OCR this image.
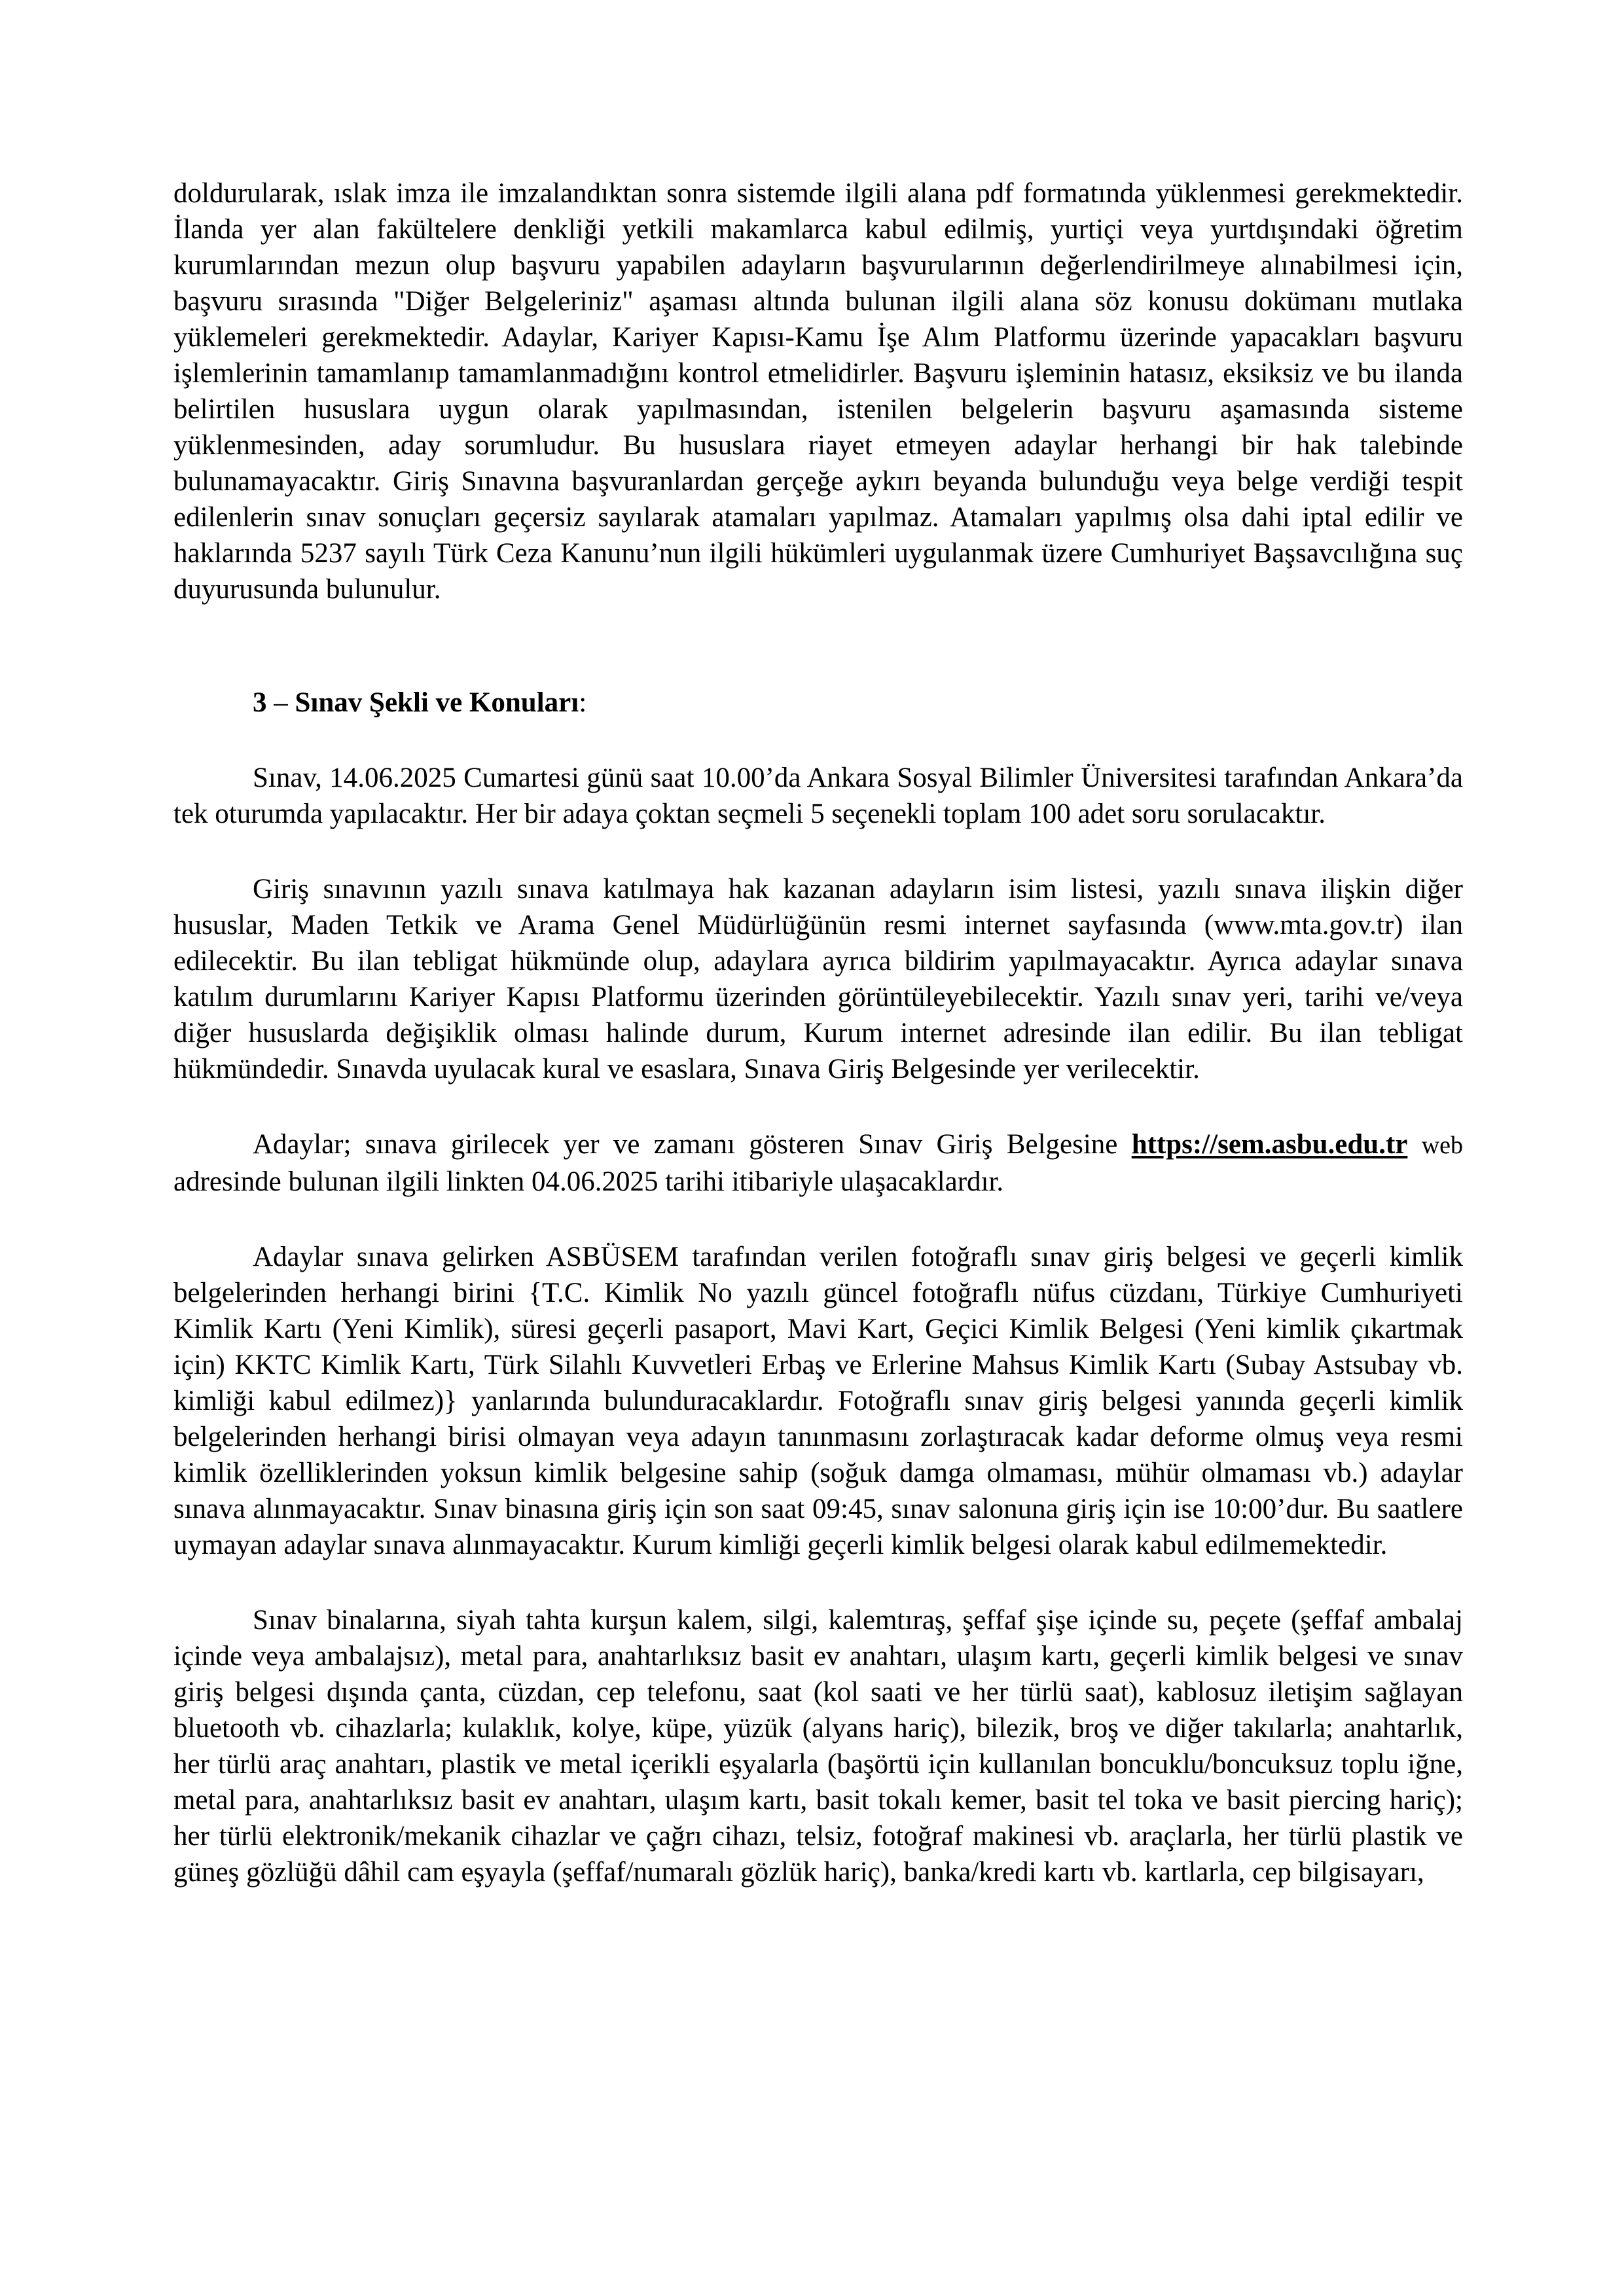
doldurularak, ıslak imza ile imzalandıktan sonra sistemde ilgili alana pdf formatında yüklenmesi gerekmektedir. İlanda yer alan fakültelere denkliği yetkili makamlarca kabul edilmiş, yurtiçi veya yurtdışındaki öğretim kurumlarından mezun olup başvuru yapabilen adayların başvurularının değerlendirilmeye alınabilmesi için, başvuru sırasında "Diğer Belgeleriniz" aşaması altında bulunan ilgili alana söz konusu dokümanı mutlaka yüklemeleri gerekmektedir. Adaylar, Kariyer Kapısı-Kamu İşe Alım Platformu üzerinde yapacakları başvuru işlemlerinin tamamlanıp tamamlanmadığını kontrol etmelidirler. Başvuru işleminin hatasız, eksiksiz ve bu ilanda belirtilen hususlara uygun olarak yapılmasından, istenilen belgelerin başvuru aşamasında sisteme yüklenmesinden, aday sorumludur. Bu hususlara riayet etmeyen adaylar herhangi bir hak talebinde bulunamayacaktır. Giriş Sınavına başvuranlardan gerçeğe aykırı beyanda bulunduğu veya belge verdiği tespit edilenlerin sınav sonuçları geçersiz sayılarak atamaları yapılmaz. Atamaları yapılmış olsa dahi iptal edilir ve haklarında 5237 sayılı Türk Ceza Kanunu’nun ilgili hükümleri uygulanmak üzere Cumhuriyet Başsavcılığına suç duyurusunda bulunulur.

3 – Sınav Şekli ve Konuları:

Sınav, 14.06.2025 Cumartesi günü saat 10.00’da Ankara Sosyal Bilimler Üniversitesi tarafından Ankara’da tek oturumda yapılacaktır. Her bir adaya çoktan seçmeli 5 seçenekli toplam 100 adet soru sorulacaktır.

Giriş sınavının yazılı sınava katılmaya hak kazanan adayların isim listesi, yazılı sınava ilişkin diğer hususlar, Maden Tetkik ve Arama Genel Müdürlüğünün resmi internet sayfasında (www.mta.gov.tr) ilan edilecektir. Bu ilan tebligat hükmünde olup, adaylara ayrıca bildirim yapılmayacaktır. Ayrıca adaylar sınava katılım durumlarını Kariyer Kapısı Platformu üzerinden görüntüleyebilecektir. Yazılı sınav yeri, tarihi ve/veya diğer hususlarda değişiklik olması halinde durum, Kurum internet adresinde ilan edilir. Bu ilan tebligat hükmündedir. Sınavda uyulacak kural ve esaslara, Sınava Giriş Belgesinde yer verilecektir.

Adaylar; sınava girilecek yer ve zamanı gösteren Sınav Giriş Belgesine https://sem.asbu.edu.tr web adresinde bulunan ilgili linkten 04.06.2025 tarihi itibariyle ulaşacaklardır.

Adaylar sınava gelirken ASBÜSEM tarafından verilen fotoğraflı sınav giriş belgesi ve geçerli kimlik belgelerinden herhangi birini {T.C. Kimlik No yazılı güncel fotoğraflı nüfus cüzdanı, Türkiye Cumhuriyeti Kimlik Kartı (Yeni Kimlik), süresi geçerli pasaport, Mavi Kart, Geçici Kimlik Belgesi (Yeni kimlik çıkartmak için) KKTC Kimlik Kartı, Türk Silahlı Kuvvetleri Erbaş ve Erlerine Mahsus Kimlik Kartı (Subay Astsubay vb. kimliği kabul edilmez)} yanlarında bulunduracaklardır. Fotoğraflı sınav giriş belgesi yanında geçerli kimlik belgelerinden herhangi birisi olmayan veya adayın tanınmasını zorlaştıracak kadar deforme olmuş veya resmi kimlik özelliklerinden yoksun kimlik belgesine sahip (soğuk damga olmaması, mühür olmaması vb.) adaylar sınava alınmayacaktır. Sınav binasına giriş için son saat 09:45, sınav salonuna giriş için ise 10:00’dur. Bu saatlere uymayan adaylar sınava alınmayacaktır. Kurum kimliği geçerli kimlik belgesi olarak kabul edilmemektedir.

Sınav binalarına, siyah tahta kurşun kalem, silgi, kalemtıraş, şeffaf şişe içinde su, peçete (şeffaf ambalaj içinde veya ambalajsız), metal para, anahtarlıksız basit ev anahtarı, ulaşım kartı, geçerli kimlik belgesi ve sınav giriş belgesi dışında çanta, cüzdan, cep telefonu, saat (kol saati ve her türlü saat), kablosuz iletişim sağlayan bluetooth vb. cihazlarla; kulaklık, kolye, küpe, yüzük (alyans hariç), bilezik, broş ve diğer takılarla; anahtarlık, her türlü araç anahtarı, plastik ve metal içerikli eşyalarla (başörtü için kullanılan boncuklu/boncuksuz toplu iğne, metal para, anahtarlıksız basit ev anahtarı, ulaşım kartı, basit tokalı kemer, basit tel toka ve basit piercing hariç); her türlü elektronik/mekanik cihazlar ve çağrı cihazı, telsiz, fotoğraf makinesi vb. araçlarla, her türlü plastik ve güneş gözlüğü dâhil cam eşyayla (şeffaf/numaralı gözlük hariç), banka/kredi kartı vb. kartlarla, cep bilgisayarı,
